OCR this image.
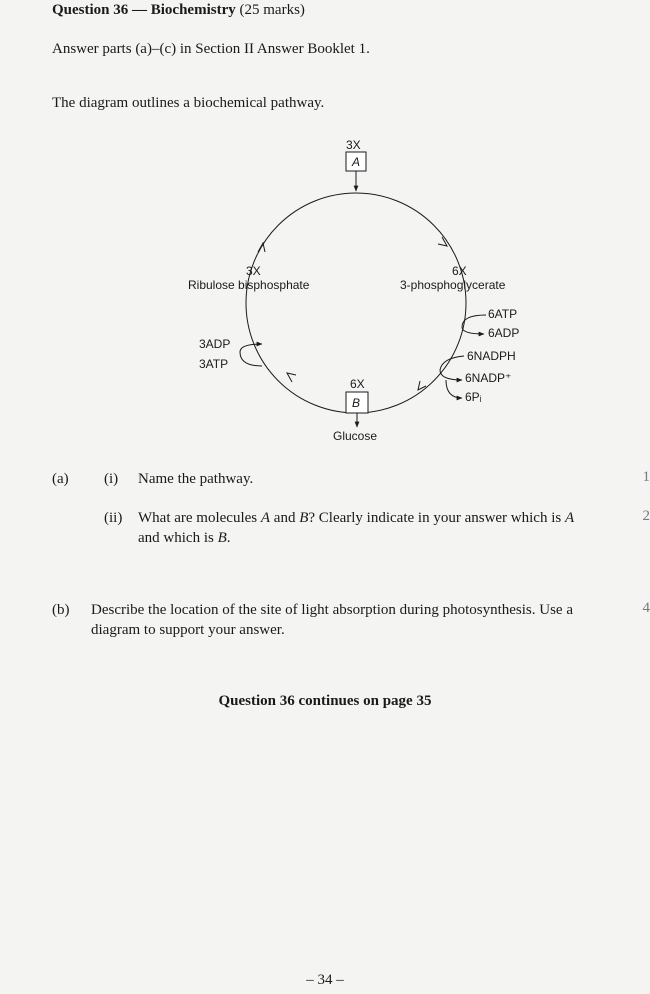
Question 36 — Biochemistry (25 marks)
Answer parts (a)–(c) in Section II Answer Booklet 1.
The diagram outlines a biochemical pathway.
3X
A
3X
Ribulose bisphosphate
6X
3-phosphoglycerate
6ATP
6ADP
6NADPH
6NADP⁺
6Pᵢ
3ADP
3ATP
6X
B
Glucose
(a) (i) Name the pathway.	1
(ii) What are molecules A and B? Clearly indicate in your answer which is A
and which is B.
2
(b) Describe the location of the site of light absorption during photosynthesis. Use a
diagram to support your answer.
4
Question 36 continues on page 35
– 34 –
